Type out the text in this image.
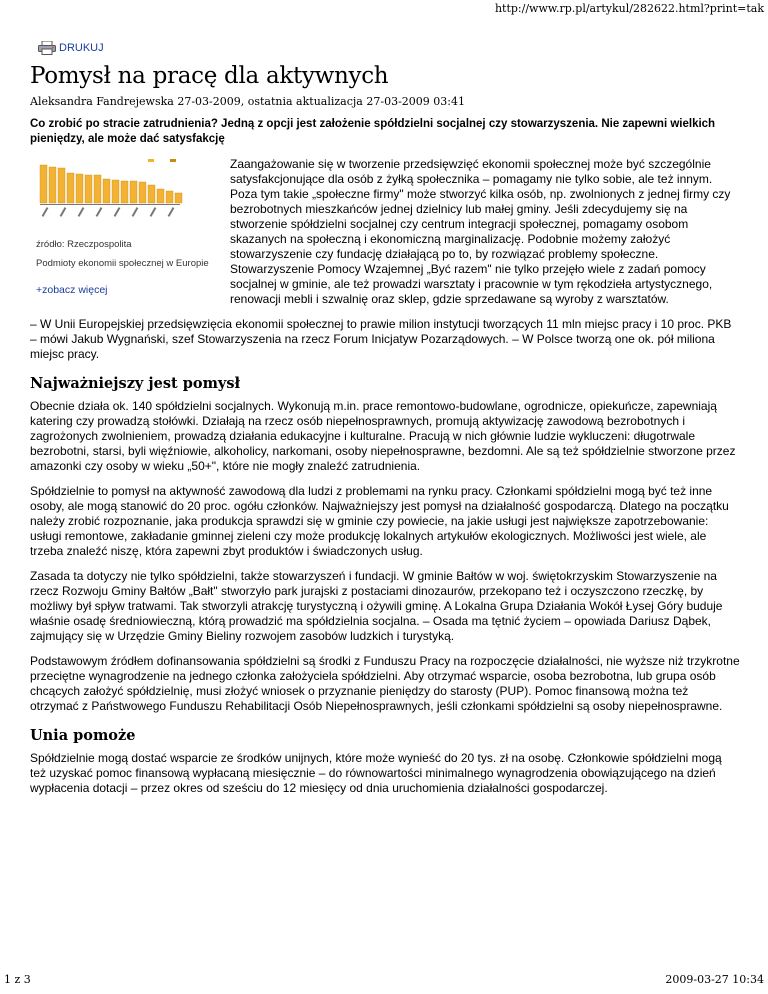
http://www.rp.pl/artykul/282622.html?print=tak
DRUKUJ
Pomysł na pracę dla aktywnych
Aleksandra Fandrejewska 27-03-2009, ostatnia aktualizacja 27-03-2009 03:41

Co zrobić po stracie zatrudnienia? Jedną z opcji jest założenie spółdzielni socjalnej czy stowarzyszenia. Nie zapewni wielkich pieniędzy, ale może dać satysfakcję

źródło: Rzeczpospolita
Podmioty ekonomii społecznej w Europie
+zobacz więcej

Zaangażowanie się w tworzenie przedsięwzięć ekonomii społecznej może być szczególnie satysfakcjonujące dla osób z żyłką społecznika – pomagamy nie tylko sobie, ale też innym. Poza tym takie „społeczne firmy" może stworzyć kilka osób, np. zwolnionych z jednej firmy czy bezrobotnych mieszkańców jednej dzielnicy lub małej gminy. Jeśli zdecydujemy się na stworzenie spółdzielni socjalnej czy centrum integracji społecznej, pomagamy osobom skazanych na społeczną i ekonomiczną marginalizację. Podobnie możemy założyć stowarzyszenie czy fundację działającą po to, by rozwiązać problemy społeczne. Stowarzyszenie Pomocy Wzajemnej „Być razem" nie tylko przejęło wiele z zadań pomocy socjalnej w gminie, ale też prowadzi warsztaty i pracownie w tym rękodzieła artystycznego, renowacji mebli i szwalnię oraz sklep, gdzie sprzedawane są wyroby z warsztatów.

– W Unii Europejskiej przedsięwzięcia ekonomii społecznej to prawie milion instytucji tworzących 11 mln miejsc pracy i 10 proc. PKB – mówi Jakub Wygnański, szef Stowarzyszenia na rzecz Forum Inicjatyw Pozarządowych. – W Polsce tworzą one ok. pół miliona miejsc pracy.

Najważniejszy jest pomysł

Obecnie działa ok. 140 spółdzielni socjalnych. Wykonują m.in. prace remontowo-budowlane, ogrodnicze, opiekuńcze, zapewniają katering czy prowadzą stołówki. Działają na rzecz osób niepełnosprawnych, promują aktywizację zawodową bezrobotnych i zagrożonych zwolnieniem, prowadzą działania edukacyjne i kulturalne. Pracują w nich głównie ludzie wykluczeni: długotrwale bezrobotni, starsi, byli więźniowie, alkoholicy, narkomani, osoby niepełnosprawne, bezdomni. Ale są też spółdzielnie stworzone przez amazonki czy osoby w wieku „50+", które nie mogły znaleźć zatrudnienia.

Spółdzielnie to pomysł na aktywność zawodową dla ludzi z problemami na rynku pracy. Członkami spółdzielni mogą być też inne osoby, ale mogą stanowić do 20 proc. ogółu członków. Najważniejszy jest pomysł na działalność gospodarczą. Dlatego na początku należy zrobić rozpoznanie, jaka produkcja sprawdzi się w gminie czy powiecie, na jakie usługi jest największe zapotrzebowanie: usługi remontowe, zakładanie gminnej zieleni czy może produkcję lokalnych artykułów ekologicznych. Możliwości jest wiele, ale trzeba znaleźć niszę, która zapewni zbyt produktów i świadczonych usług.

Zasada ta dotyczy nie tylko spółdzielni, także stowarzyszeń i fundacji. W gminie Bałtów w woj. świętokrzyskim Stowarzyszenie na rzecz Rozwoju Gminy Bałtów „Bałt" stworzyło park jurajski z postaciami dinozaurów, przekopano też i oczyszczono rzeczkę, by możliwy był spływ tratwami. Tak stworzyli atrakcję turystyczną i ożywili gminę. A Lokalna Grupa Działania Wokół Łysej Góry buduje właśnie osadę średniowieczną, którą prowadzić ma spółdzielnia socjalna. – Osada ma tętnić życiem – opowiada Dariusz Dąbek, zajmujący się w Urzędzie Gminy Bieliny rozwojem zasobów ludzkich i turystyką.

Podstawowym źródłem dofinansowania spółdzielni są środki z Funduszu Pracy na rozpoczęcie działalności, nie wyższe niż trzykrotne przeciętne wynagrodzenie na jednego członka założyciela spółdzielni. Aby otrzymać wsparcie, osoba bezrobotna, lub grupa osób chcących założyć spółdzielnię, musi złożyć wniosek o przyznanie pieniędzy do starosty (PUP). Pomoc finansową można też otrzymać z Państwowego Funduszu Rehabilitacji Osób Niepełnosprawnych, jeśli członkami spółdzielni są osoby niepełnosprawne.

Unia pomoże

Spółdzielnie mogą dostać wsparcie ze środków unijnych, które może wynieść do 20 tys. zł na osobę. Członkowie spółdzielni mogą też uzyskać pomoc finansową wypłacaną miesięcznie – do równowartości minimalnego wynagrodzenia obowiązującego na dzień wypłacenia dotacji – przez okres od sześciu do 12 miesięcy od dnia uruchomienia działalności gospodarczej.

1 z 3	2009-03-27 10:34
